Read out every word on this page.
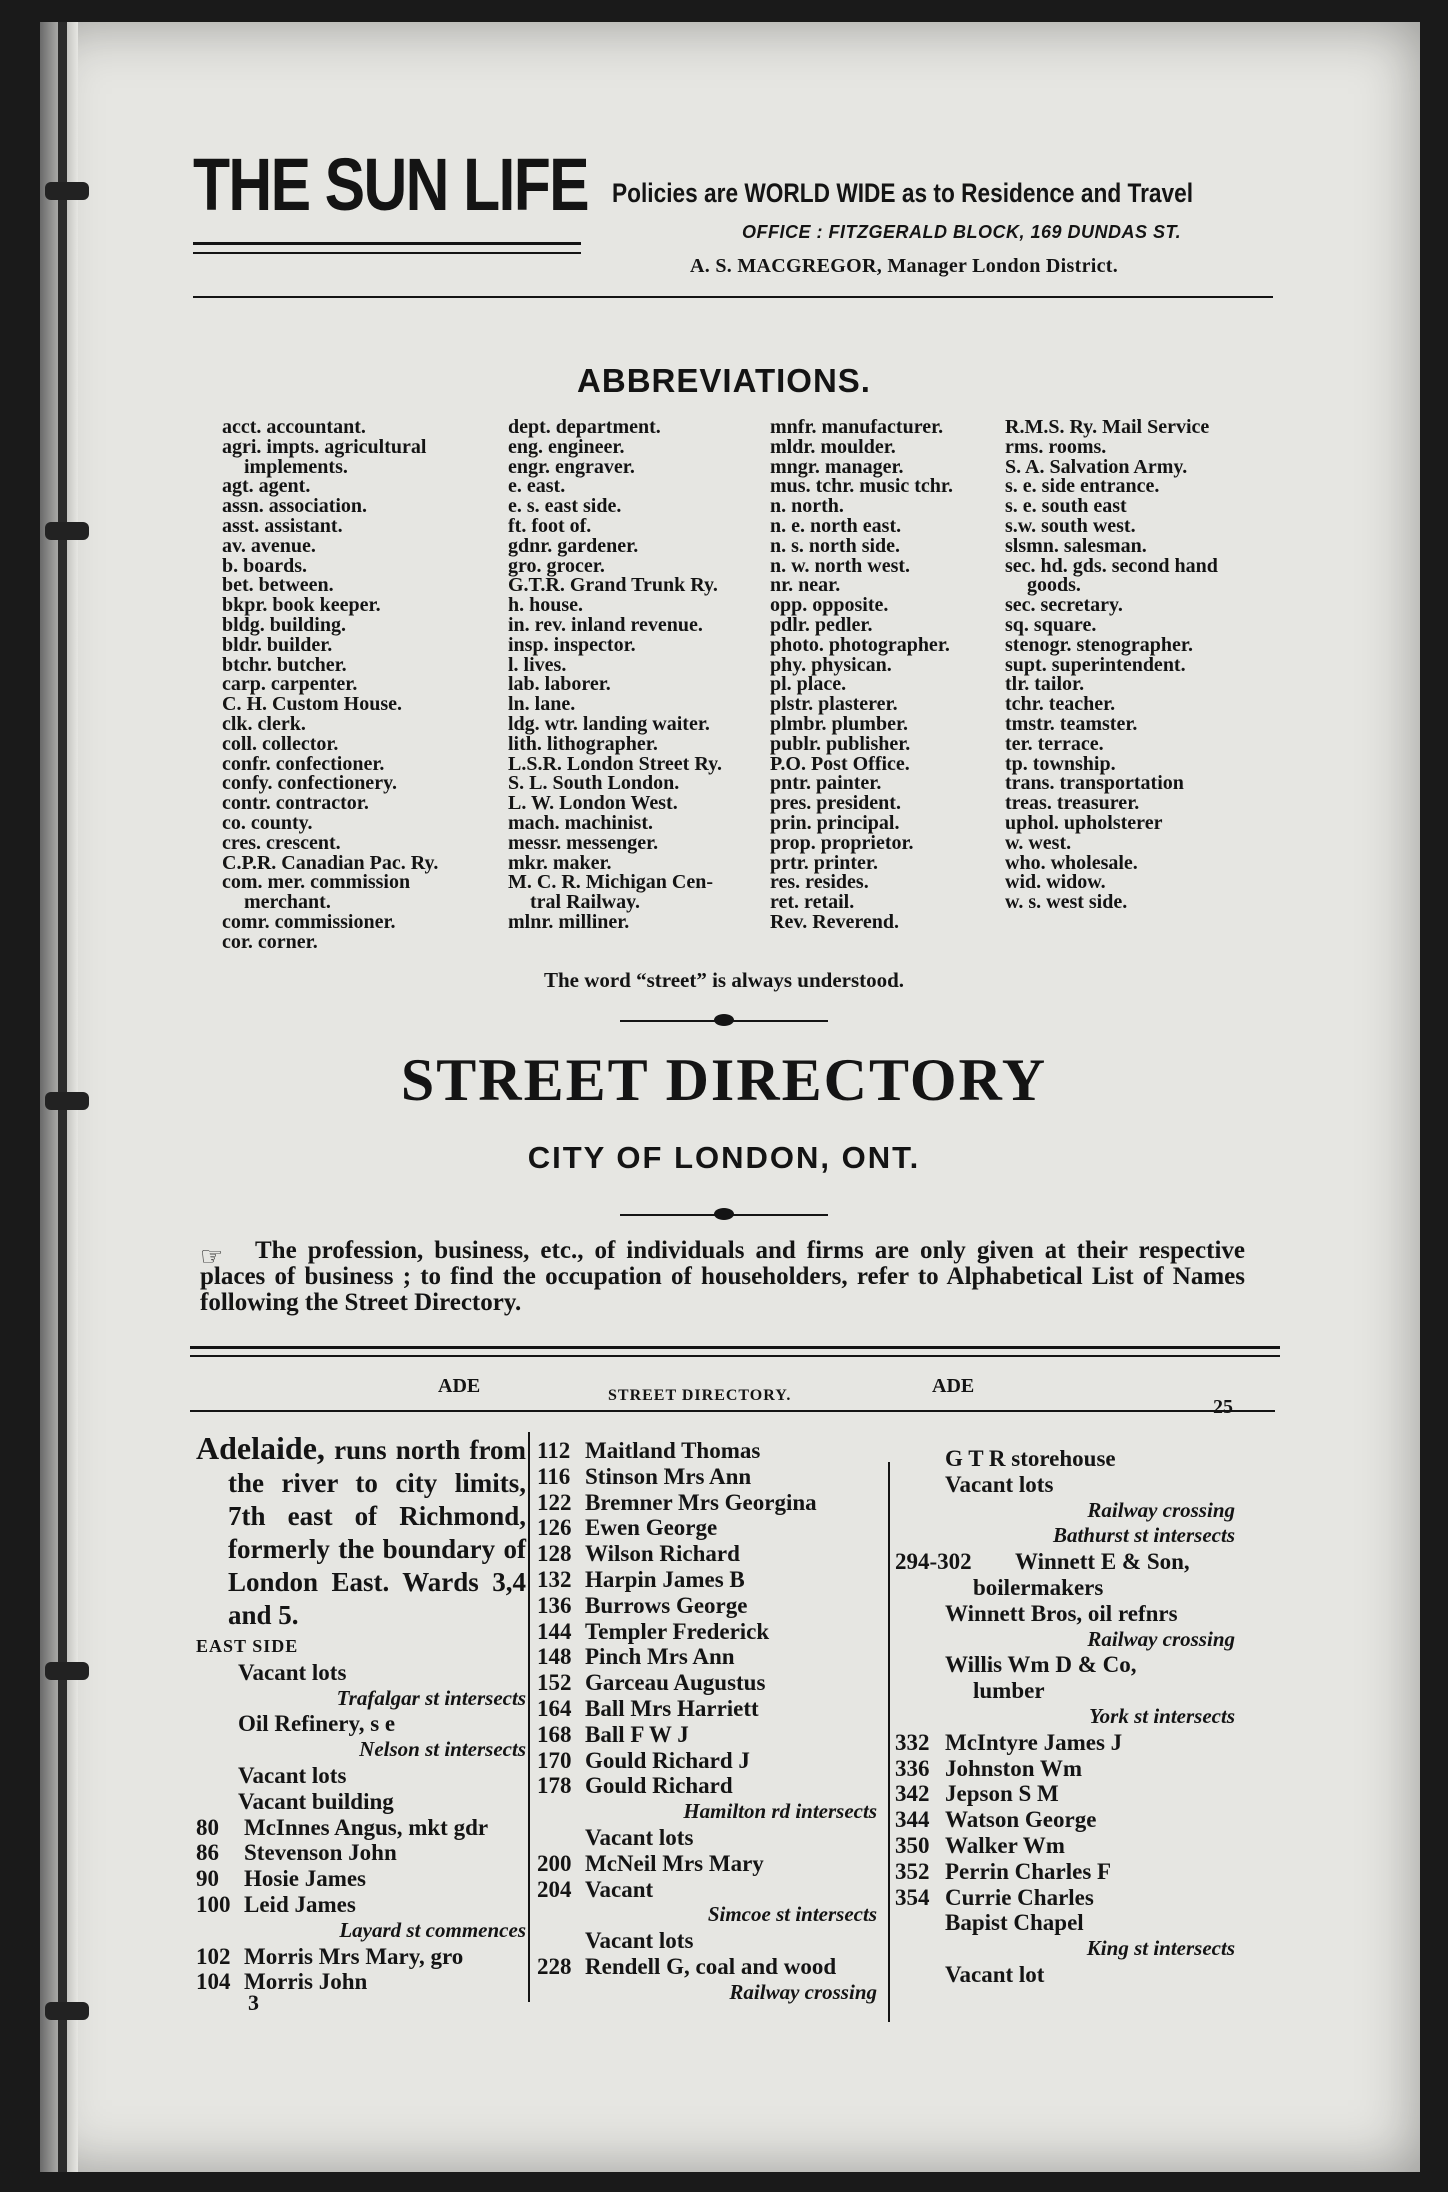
THE SUN LIFE Policies are WORLD WIDE as to Residence and Travel
OFFICE : FITZGERALD BLOCK, 169 DUNDAS ST.
A. S. MACGREGOR, Manager London District.
ABBREVIATIONS.
acct. accountant.
agri. impts. agricultural
implements.
agt. agent.
assn. association.
asst. assistant.
av. avenue.
b. boards.
bet. between.
bkpr. book keeper.
bldg. building.
bldr. builder.
btchr. butcher.
carp. carpenter.
C. H. Custom House.
clk. clerk.
coll. collector.
confr. confectioner.
confy. confectionery.
contr. contractor.
co. county.
cres. crescent.
C.P.R. Canadian Pac. Ry.
com. mer. commission
merchant.
comr. commissioner.
cor. corner.
dept. department.
eng. engineer.
engr. engraver.
e. east.
e. s. east side.
ft. foot of.
gdnr. gardener.
gro. grocer.
G.T.R. Grand Trunk Ry.
h. house.
in. rev. inland revenue.
insp. inspector.
l. lives.
lab. laborer.
ln. lane.
ldg. wtr. landing waiter.
lith. lithographer.
L.S.R. London Street Ry.
S. L. South London.
L. W. London West.
mach. machinist.
messr. messenger.
mkr. maker.
M. C. R. Michigan Cen-
tral Railway.
mlnr. milliner.
mnfr. manufacturer.
mldr. moulder.
mngr. manager.
mus. tchr. music tchr.
n. north.
n. e. north east.
n. s. north side.
n. w. north west.
nr. near.
opp. opposite.
pdlr. pedler.
photo. photographer.
phy. physican.
pl. place.
plstr. plasterer.
plmbr. plumber.
publr. publisher.
P.O. Post Office.
pntr. painter.
pres. president.
prin. principal.
prop. proprietor.
prtr. printer.
res. resides.
ret. retail.
Rev. Reverend.
R.M.S. Ry. Mail Service
rms. rooms.
S. A. Salvation Army.
s. e. side entrance.
s. e. south east
s.w. south west.
slsmn. salesman.
sec. hd. gds. second hand
goods.
sec. secretary.
sq. square.
stenogr. stenographer.
supt. superintendent.
tlr. tailor.
tchr. teacher.
tmstr. teamster.
ter. terrace.
tp. township.
trans. transportation
treas. treasurer.
uphol. upholsterer
w. west.
who. wholesale.
wid. widow.
w. s. west side.
The word “street” is always understood.
STREET DIRECTORY
CITY OF LONDON, ONT.
☞	The profession, business, etc., of individuals and firms are only given at their respective places of business ; to find the occupation of householders, refer to Alphabetical List of Names following the Street Directory.
ADE	STREET DIRECTORY.	ADE
25
Adelaide, runs north from the river to city limits, 7th east of Richmond, formerly the boundary of London East. Wards 3,4 and 5.
EAST SIDE
Vacant lots
Trafalgar st intersects
Oil Refinery, s e
Nelson st intersects
Vacant lots
Vacant building
80 McInnes Angus, mkt gdr
86 Stevenson John
90 Hosie James
100 Leid James
Layard st commences
102 Morris Mrs Mary, gro
104 Morris John
3
112 Maitland Thomas
116 Stinson Mrs Ann
122 Bremner Mrs Georgina
126 Ewen George
128 Wilson Richard
132 Harpin James B
136 Burrows George
144 Templer Frederick
148 Pinch Mrs Ann
152 Garceau Augustus
164 Ball Mrs Harriett
168 Ball F W J
170 Gould Richard J
178 Gould Richard
Hamilton rd intersects
Vacant lots
200 McNeil Mrs Mary
204 Vacant
Simcoe st intersects
Vacant lots
228 Rendell G, coal and wood
Railway crossing
G T R storehouse
Vacant lots
Railway crossing
Bathurst st intersects
294-302 Winnett E & Son,
boilermakers
Winnett Bros, oil refnrs
Railway crossing
Willis Wm D & Co,
lumber
York st intersects
332 McIntyre James J
336 Johnston Wm
342 Jepson S M
344 Watson George
350 Walker Wm
352 Perrin Charles F
354 Currie Charles
Bapist Chapel
King st intersects
Vacant lot
